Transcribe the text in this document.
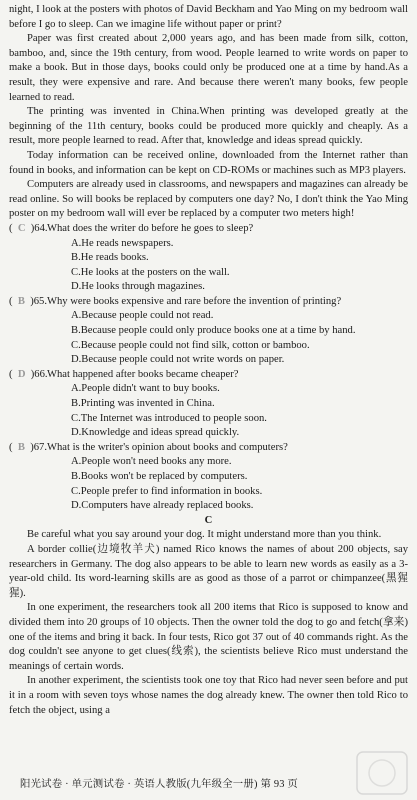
night, I look at the posters with photos of David Beckham and Yao Ming on my bedroom wall before I go to sleep. Can we imagine life without paper or print?

Paper was first created about 2,000 years ago, and has been made from silk, cotton, bamboo, and, since the 19th century, from wood. People learned to write words on paper to make a book. But in those days, books could only be produced one at a time by hand.As a result, they were expensive and rare. And because there weren't many books, few people learned to read.

The printing was invented in China.When printing was developed greatly at the beginning of the 11th century, books could be produced more quickly and cheaply. As a result, more people learned to read. After that, knowledge and ideas spread quickly.

Today information can be received online, downloaded from the Internet rather than found in books, and information can be kept on CD-ROMs or machines such as MP3 players.

Computers are already used in classrooms, and newspapers and magazines can already be read online. So will books be replaced by computers one day? No, I don't think the Yao Ming poster on my bedroom wall will ever be replaced by a computer two meters high!

( C )64. What does the writer do before he goes to sleep?
A.He reads newspapers.
B.He reads books.
C.He looks at the posters on the wall.
D.He looks through magazines.
( B )65. Why were books expensive and rare before the invention of printing?
A.Because people could not read.
B.Because people could only produce books one at a time by hand.
C.Because people could not find silk, cotton or bamboo.
D.Because people could not write words on paper.
( D )66. What happened after books became cheaper?
A.People didn't want to buy books.
B.Printing was invented in China.
C.The Internet was introduced to people soon.
D.Knowledge and ideas spread quickly.
( B )67. What is the writer's opinion about books and computers?
A.People won't need books any more.
B.Books won't be replaced by computers.
C.People prefer to find information in books.
D.Computers have already replaced books.
C

Be careful what you say around your dog. It might understand more than you think.

A border collie(边境牧羊犬) named Rico knows the names of about 200 objects, say researchers in Germany. The dog also appears to be able to learn new words as easily as a 3-year-old child. Its word-learning skills are as good as those of a parrot or chimpanzee(黑猩猩).

In one experiment, the researchers took all 200 items that Rico is supposed to know and divided them into 20 groups of 10 objects. Then the owner told the dog to go and fetch(拿来) one of the items and bring it back. In four tests, Rico got 37 out of 40 commands right. As the dog couldn't see anyone to get clues(线索), the scientists believe Rico must understand the meanings of certain words.

In another experiment, the scientists took one toy that Rico had never seen before and put it in a room with seven toys whose names the dog already knew. The owner then told Rico to fetch the object, using a

阳光试卷 · 单元测试卷 · 英语人教版(九年级全一册) 第 93 页
